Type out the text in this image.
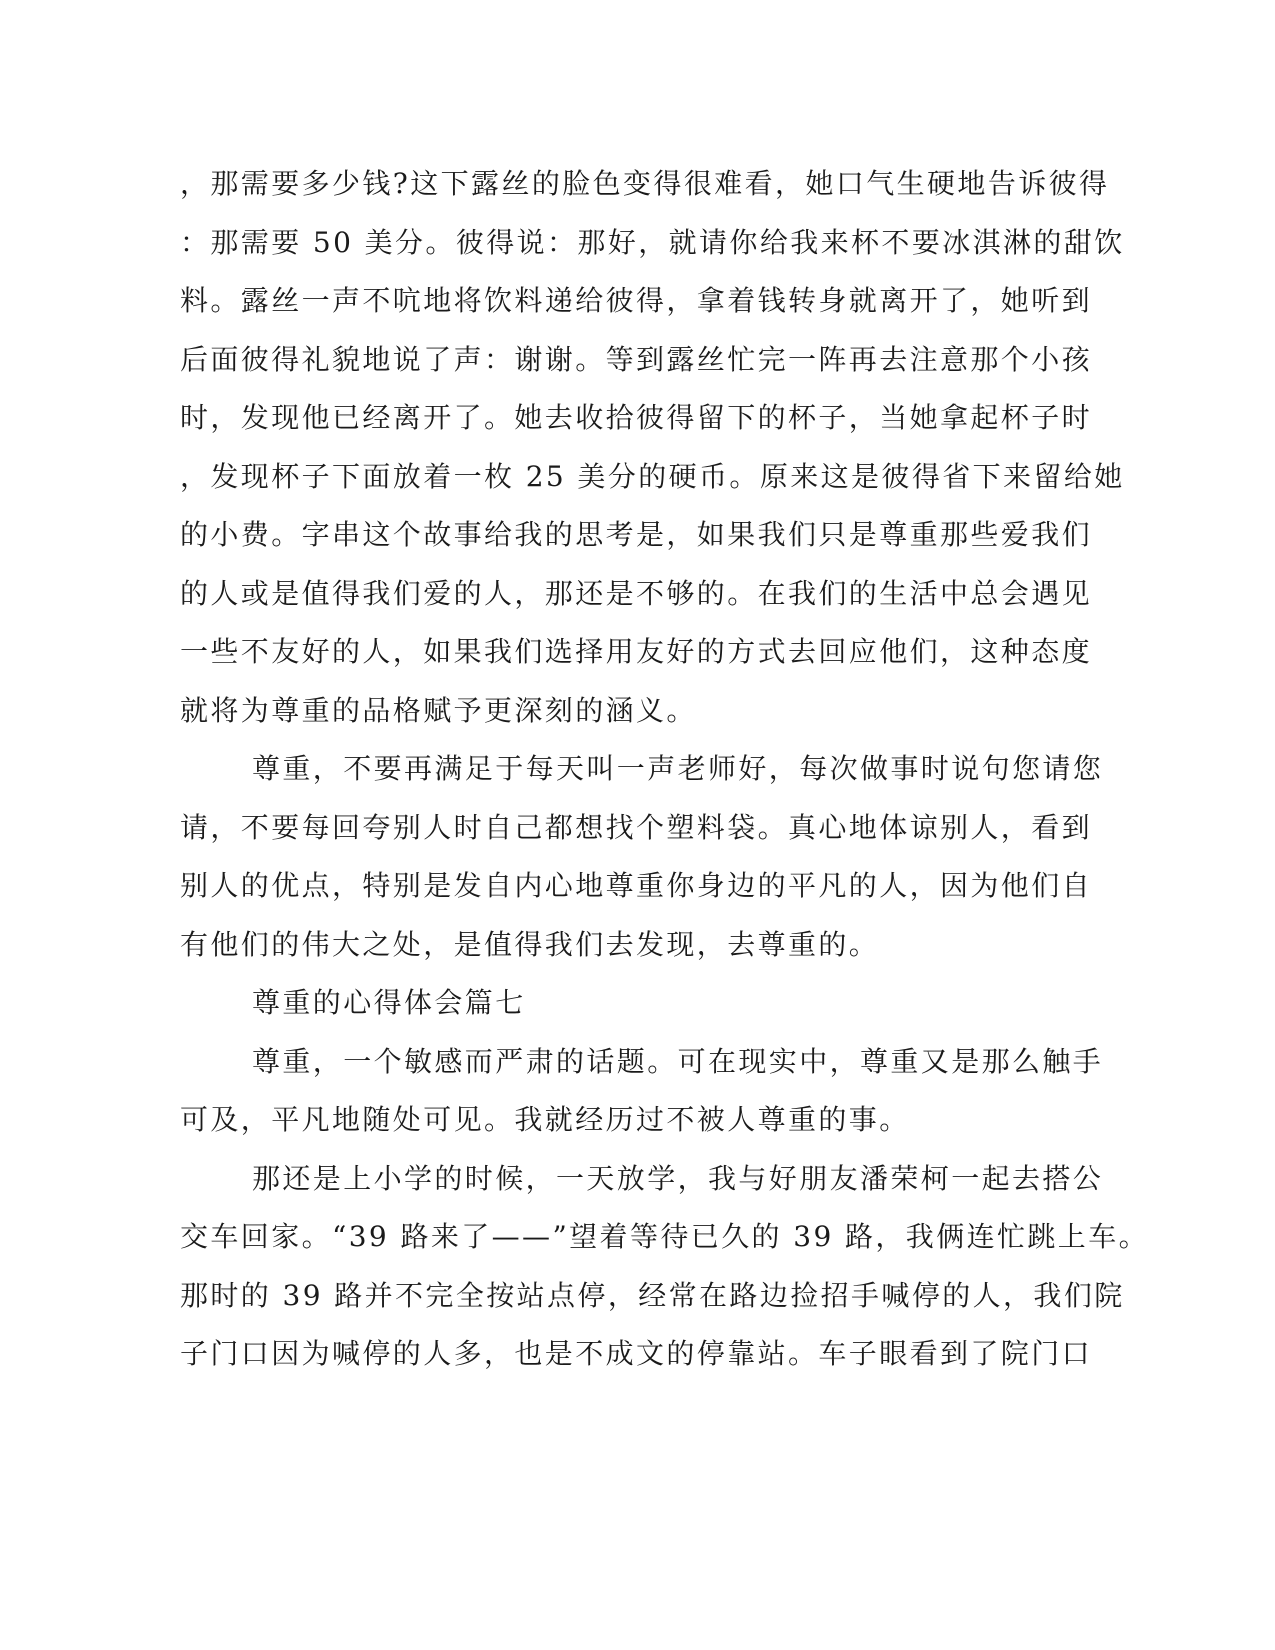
，那需要多少钱?这下露丝的脸色变得很难看，她口气生硬地告诉彼得
：那需要 50 美分。彼得说：那好，就请你给我来杯不要冰淇淋的甜饮
料。露丝一声不吭地将饮料递给彼得，拿着钱转身就离开了，她听到
后面彼得礼貌地说了声：谢谢。等到露丝忙完一阵再去注意那个小孩
时，发现他已经离开了。她去收拾彼得留下的杯子，当她拿起杯子时
，发现杯子下面放着一枚 25 美分的硬币。原来这是彼得省下来留给她
的小费。字串这个故事给我的思考是，如果我们只是尊重那些爱我们
的人或是值得我们爱的人，那还是不够的。在我们的生活中总会遇见
一些不友好的人，如果我们选择用友好的方式去回应他们，这种态度
就将为尊重的品格赋予更深刻的涵义。
尊重，不要再满足于每天叫一声老师好，每次做事时说句您请您
请，不要每回夸别人时自己都想找个塑料袋。真心地体谅别人，看到
别人的优点，特别是发自内心地尊重你身边的平凡的人，因为他们自
有他们的伟大之处，是值得我们去发现，去尊重的。
尊重的心得体会篇七
尊重，一个敏感而严肃的话题。可在现实中，尊重又是那么触手
可及，平凡地随处可见。我就经历过不被人尊重的事。
那还是上小学的时候，一天放学，我与好朋友潘荣柯一起去搭公
交车回家。“39 路来了——”望着等待已久的 39 路，我俩连忙跳上车。
那时的 39 路并不完全按站点停，经常在路边捡招手喊停的人，我们院
子门口因为喊停的人多，也是不成文的停靠站。车子眼看到了院门口
